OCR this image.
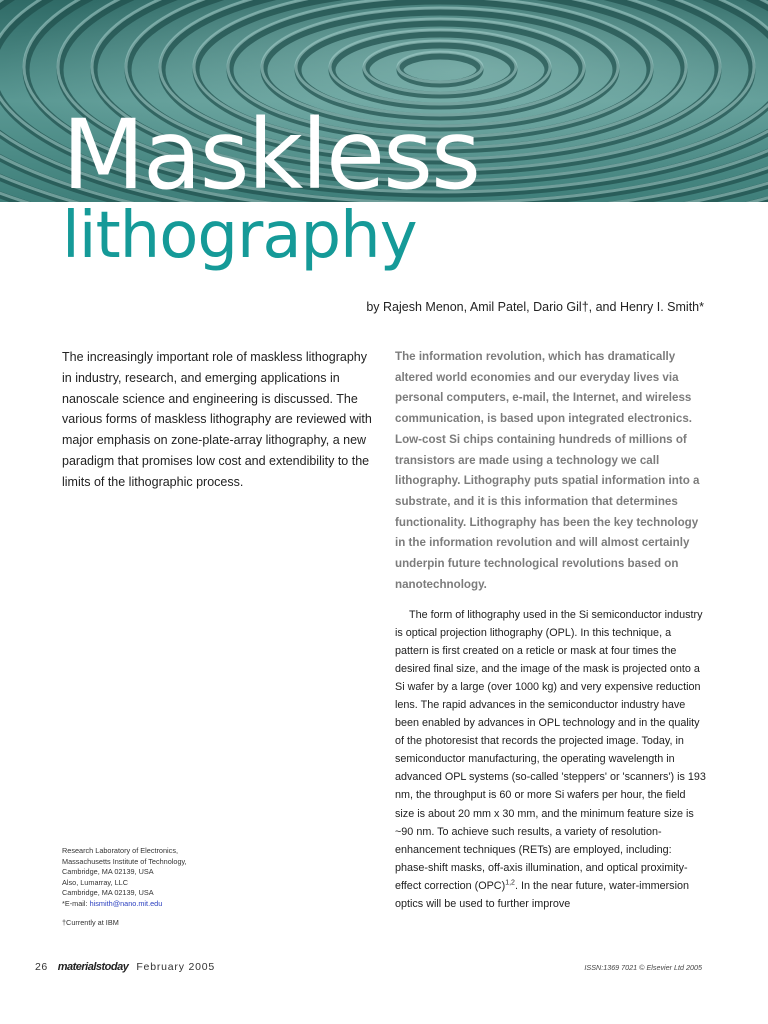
Maskless
lithography

by Rajesh Menon, Amil Patel, Dario Gil†, and Henry I. Smith*

The increasingly important role of maskless lithography in industry, research, and emerging applications in nanoscale science and engineering is discussed. The various forms of maskless lithography are reviewed with major emphasis on zone-plate-array lithography, a new paradigm that promises low cost and extendibility to the limits of the lithographic process.

The information revolution, which has dramatically altered world economies and our everyday lives via personal computers, e-mail, the Internet, and wireless communication, is based upon integrated electronics. Low-cost Si chips containing hundreds of millions of transistors are made using a technology we call lithography. Lithography puts spatial information into a substrate, and it is this information that determines functionality. Lithography has been the key technology in the information revolution and will almost certainly underpin future technological revolutions based on nanotechnology.

The form of lithography used in the Si semiconductor industry is optical projection lithography (OPL). In this technique, a pattern is first created on a reticle or mask at four times the desired final size, and the image of the mask is projected onto a Si wafer by a large (over 1000 kg) and very expensive reduction lens. The rapid advances in the semiconductor industry have been enabled by advances in OPL technology and in the quality of the photoresist that records the projected image. Today, in semiconductor manufacturing, the operating wavelength in advanced OPL systems (so-called 'steppers' or 'scanners') is 193 nm, the throughput is 60 or more Si wafers per hour, the field size is about 20 mm x 30 mm, and the minimum feature size is ~90 nm. To achieve such results, a variety of resolution-enhancement techniques (RETs) are employed, including: phase-shift masks, off-axis illumination, and optical proximity-effect correction (OPC)$^{1,2}$. In the near future, water-immersion optics will be used to further improve

Research Laboratory of Electronics,
Massachusetts Institute of Technology,
Cambridge, MA 02139, USA
Also, Lumarray, LLC
Cambridge, MA 02139, USA
*E-mail: hismith@nano.mit.edu

†Currently at IBM

26 materialstoday February 2005	ISSN:1369 7021 © Elsevier Ltd 2005
